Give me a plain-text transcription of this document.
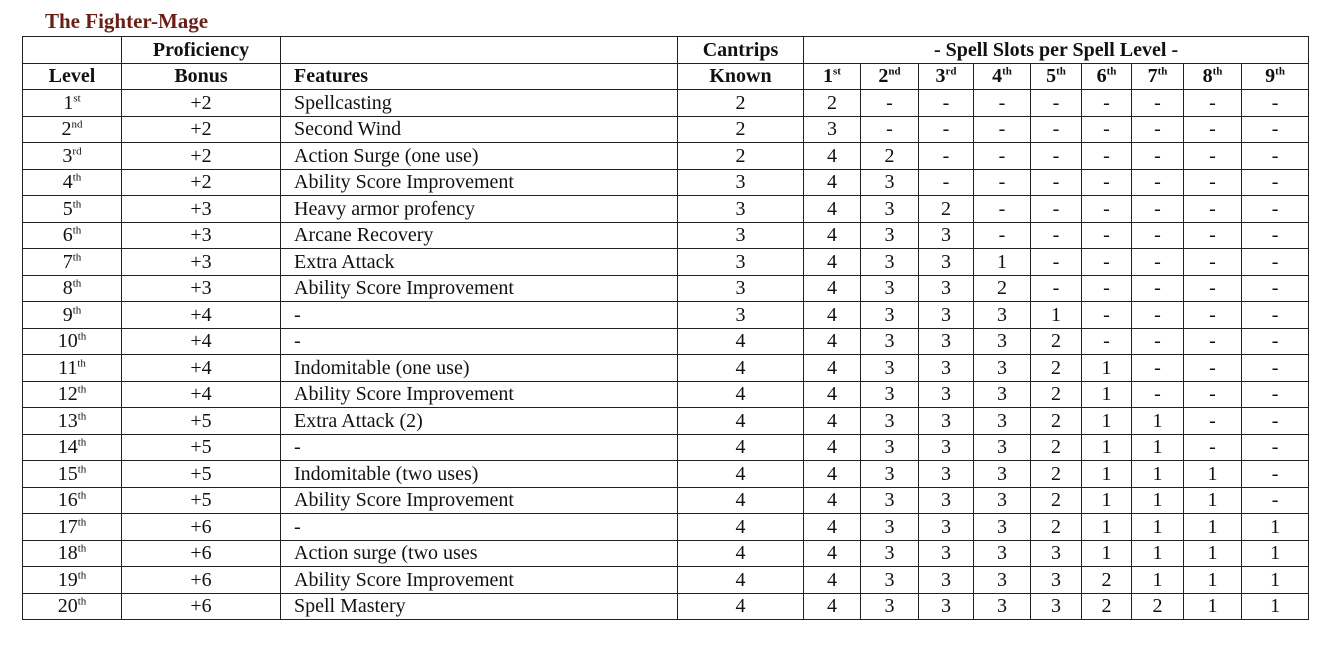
The Fighter-Mage
	Proficiency		Cantrips	- Spell Slots per Spell Level -								
Level	Bonus	Features	Known	1st	2nd	3rd	4th	5th	6th	7th	8th	9th
1st	+2	Spellcasting	2	2	-	-	-	-	-	-	-	-
2nd	+2	Second Wind	2	3	-	-	-	-	-	-	-	-
3rd	+2	Action Surge (one use)	2	4	2	-	-	-	-	-	-	-
4th	+2	Ability Score Improvement	3	4	3	-	-	-	-	-	-	-
5th	+3	Heavy armor profency	3	4	3	2	-	-	-	-	-	-
6th	+3	Arcane Recovery	3	4	3	3	-	-	-	-	-	-
7th	+3	Extra Attack	3	4	3	3	1	-	-	-	-	-
8th	+3	Ability Score Improvement	3	4	3	3	2	-	-	-	-	-
9th	+4	-	3	4	3	3	3	1	-	-	-	-
10th	+4	-	4	4	3	3	3	2	-	-	-	-
11th	+4	Indomitable (one use)	4	4	3	3	3	2	1	-	-	-
12th	+4	Ability Score Improvement	4	4	3	3	3	2	1	-	-	-
13th	+5	Extra Attack (2)	4	4	3	3	3	2	1	1	-	-
14th	+5	-	4	4	3	3	3	2	1	1	-	-
15th	+5	Indomitable (two uses)	4	4	3	3	3	2	1	1	1	-
16th	+5	Ability Score Improvement	4	4	3	3	3	2	1	1	1	-
17th	+6	-	4	4	3	3	3	2	1	1	1	1
18th	+6	Action surge (two uses	4	4	3	3	3	3	1	1	1	1
19th	+6	Ability Score Improvement	4	4	3	3	3	3	2	1	1	1
20th	+6	Spell Mastery	4	4	3	3	3	3	2	2	1	1
